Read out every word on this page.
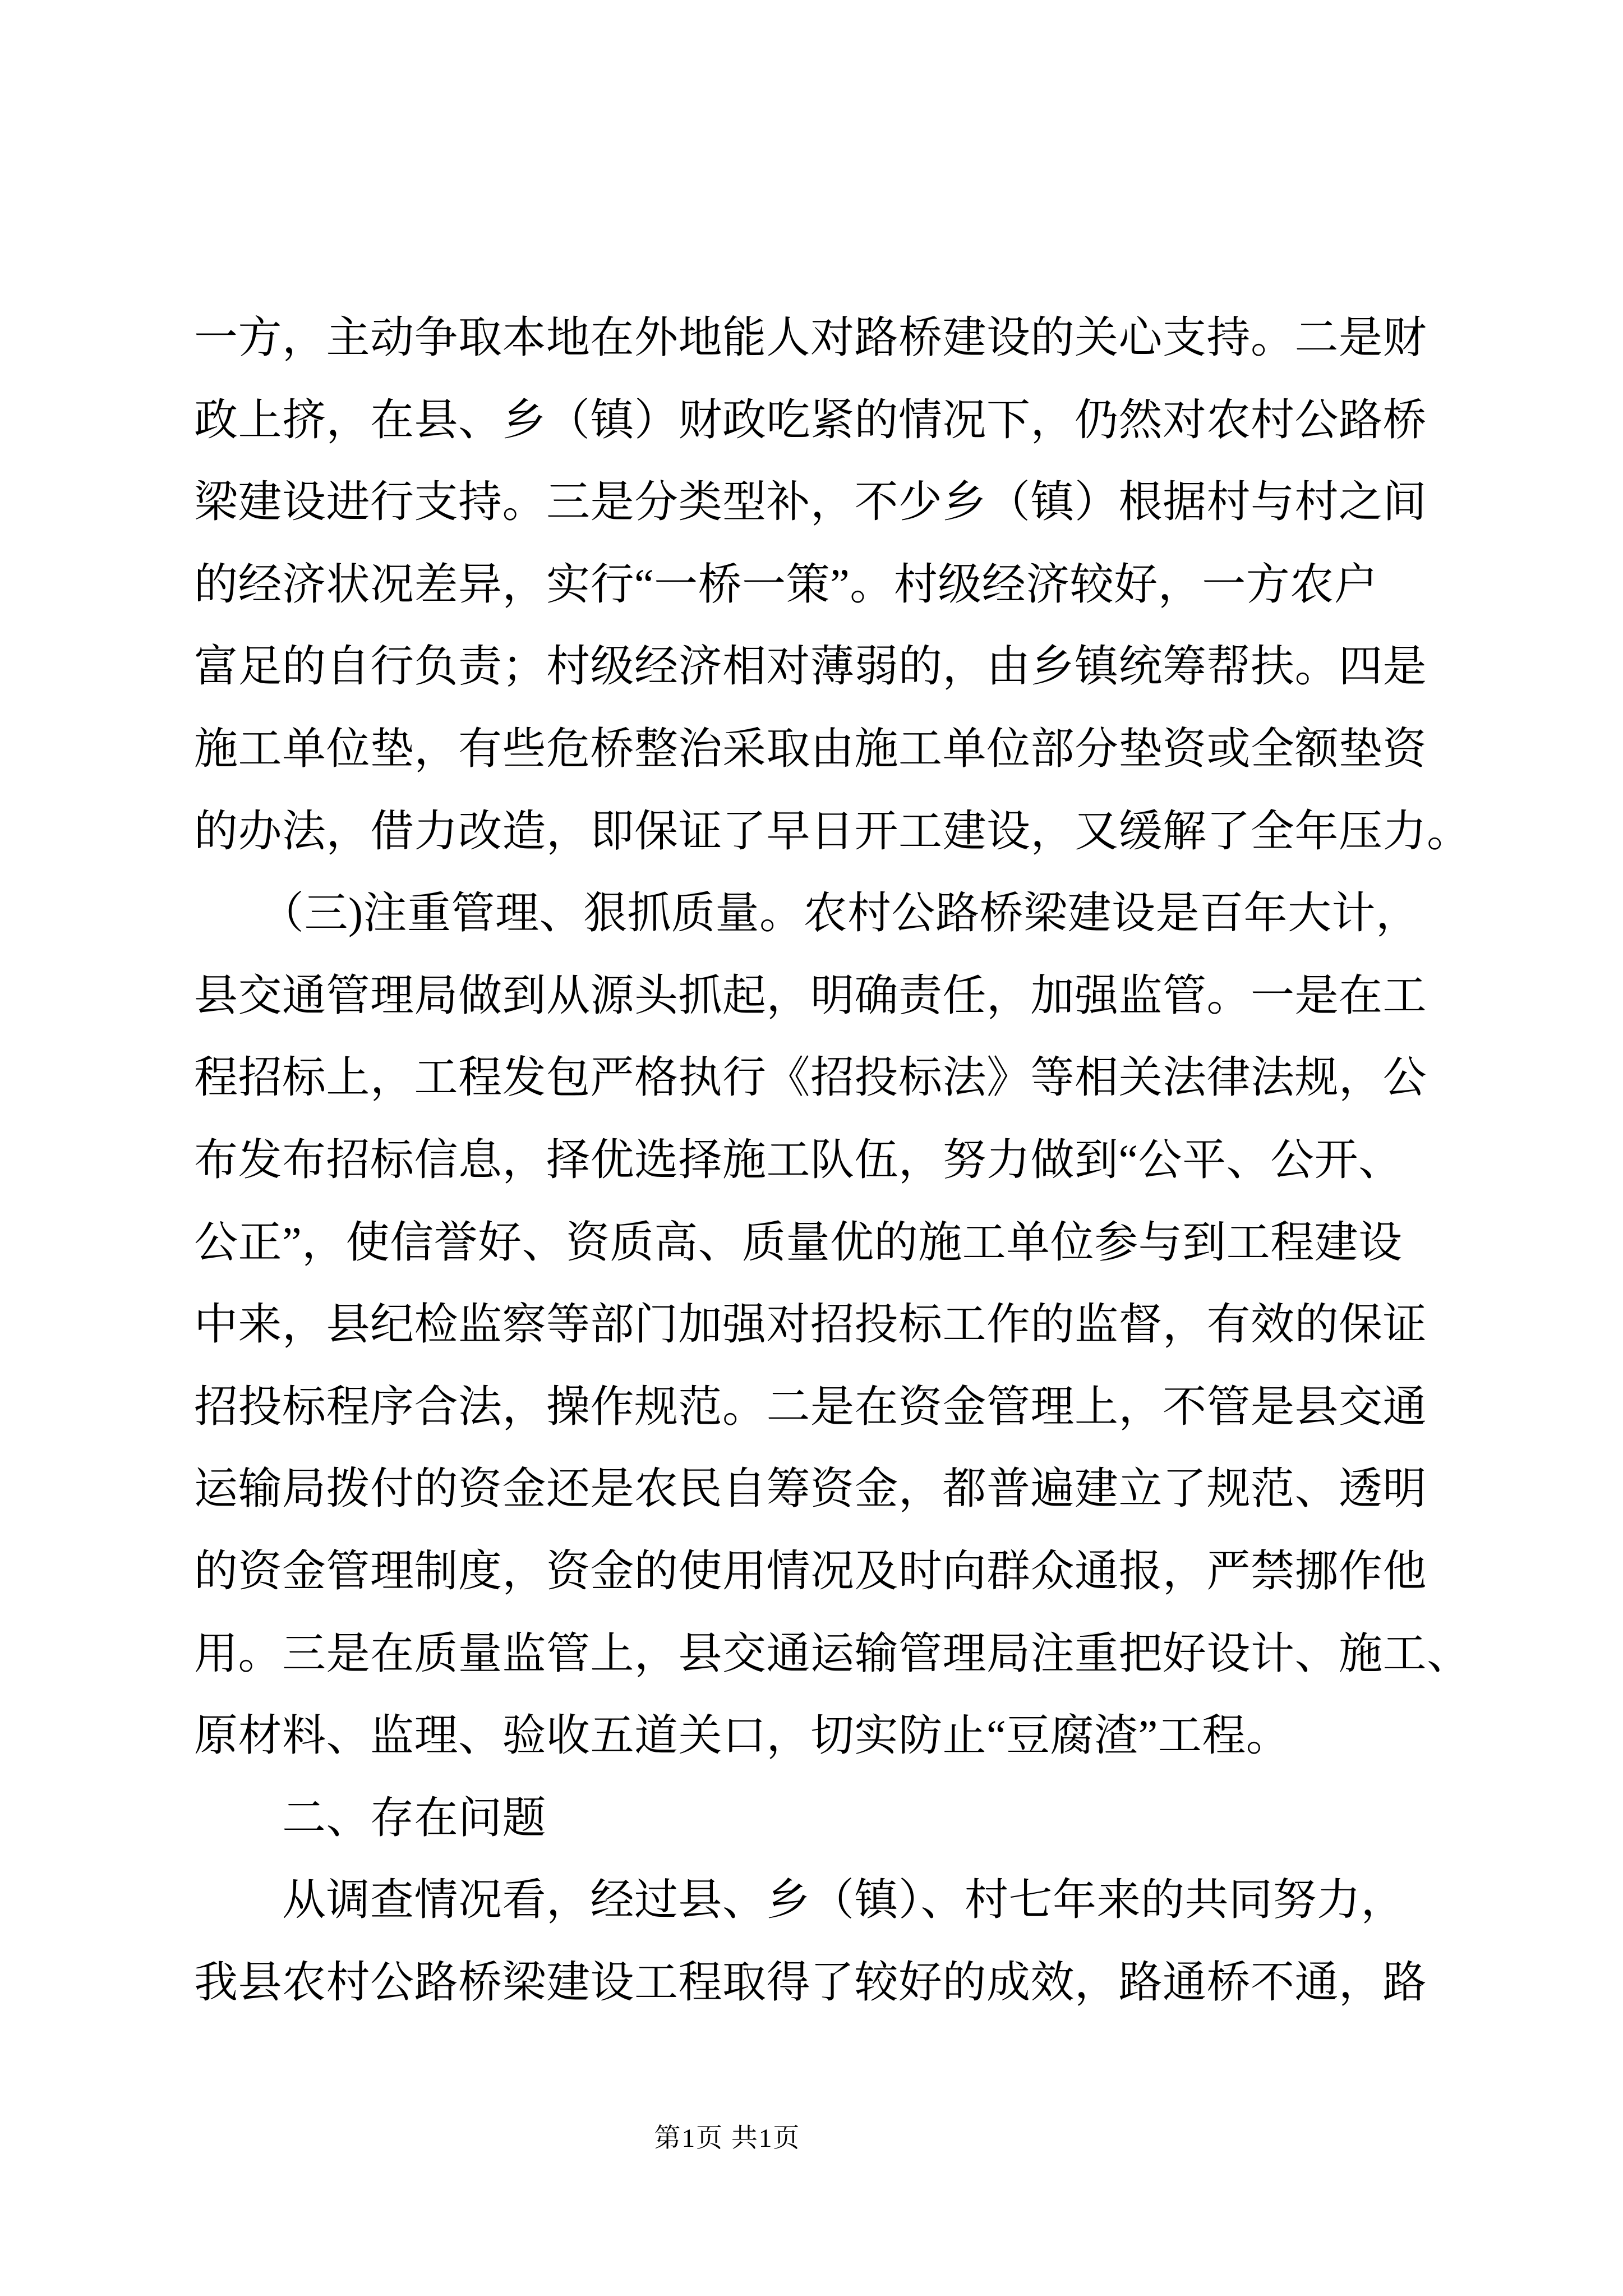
一方，主动争取本地在外地能人对路桥建设的关心支持。二是财
政上挤，在县、乡（镇）财政吃紧的情况下，仍然对农村公路桥
梁建设进行支持。三是分类型补，不少乡（镇）根据村与村之间
的经济状况差异，实行“一桥一策”。村级经济较好，一方农户
富足的自行负责；村级经济相对薄弱的，由乡镇统筹帮扶。四是
施工单位垫，有些危桥整治采取由施工单位部分垫资或全额垫资
的办法，借力改造，即保证了早日开工建设，又缓解了全年压力。
　　（三)注重管理、狠抓质量。农村公路桥梁建设是百年大计，
县交通管理局做到从源头抓起，明确责任，加强监管。一是在工
程招标上，工程发包严格执行《招投标法》等相关法律法规，公
布发布招标信息，择优选择施工队伍，努力做到“公平、公开、
公正”，使信誉好、资质高、质量优的施工单位参与到工程建设
中来，县纪检监察等部门加强对招投标工作的监督，有效的保证
招投标程序合法，操作规范。二是在资金管理上，不管是县交通
运输局拨付的资金还是农民自筹资金，都普遍建立了规范、透明
的资金管理制度，资金的使用情况及时向群众通报，严禁挪作他
用。三是在质量监管上，县交通运输管理局注重把好设计、施工、
原材料、监理、验收五道关口，切实防止“豆腐渣”工程。
　　二、存在问题
　　从调查情况看，经过县、乡（镇）、村七年来的共同努力，
我县农村公路桥梁建设工程取得了较好的成效，路通桥不通，路
第1页 共1页
